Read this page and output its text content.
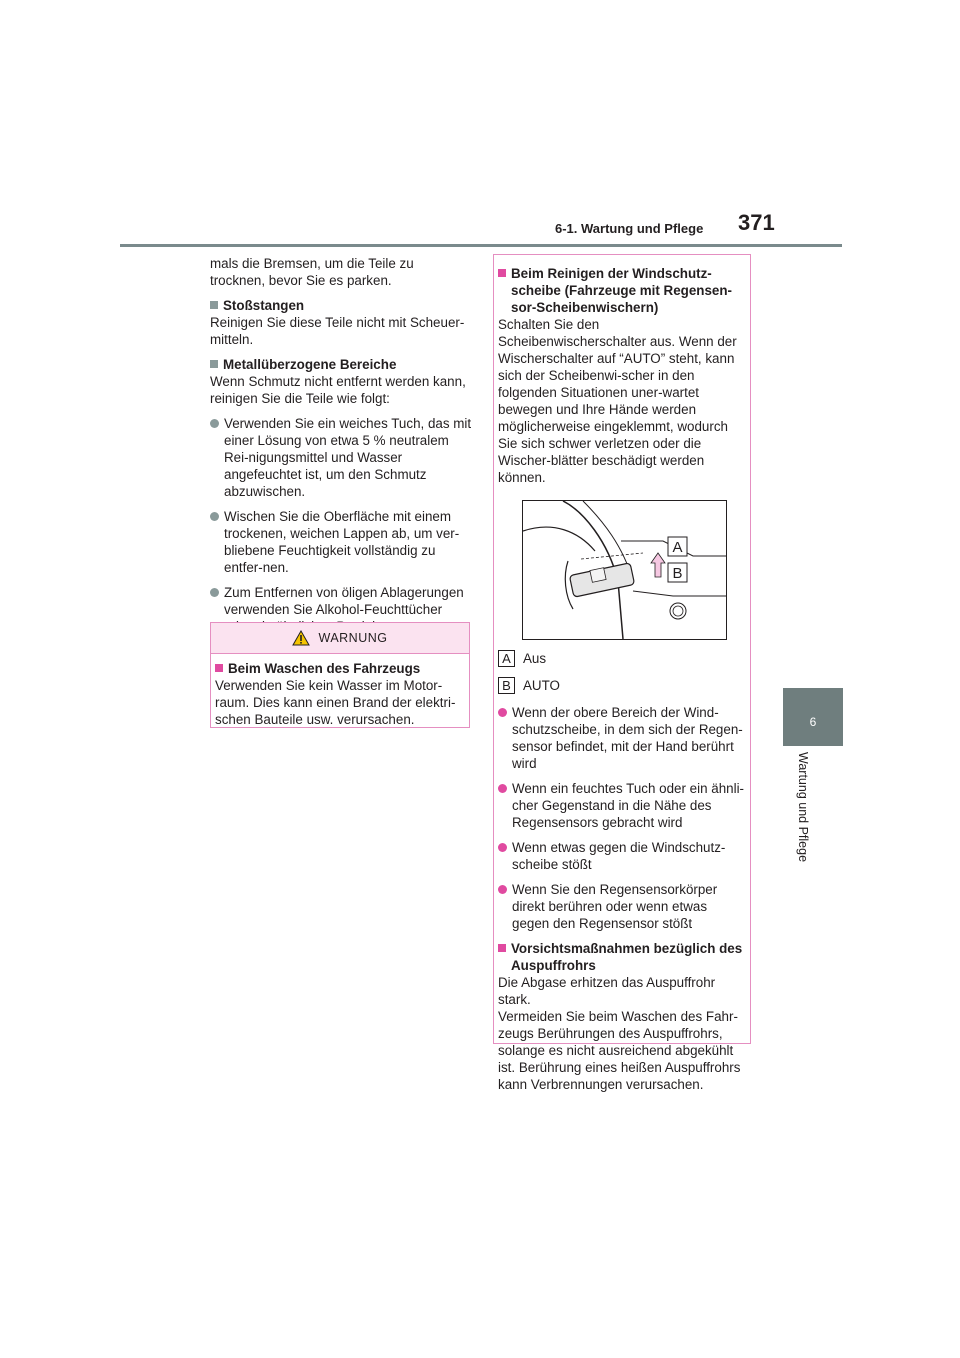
6-1. Wartung und Pflege 371
6
Wartung und Pflege

mals die Bremsen, um die Teile zu trocknen, bevor Sie es parken.

Stoßstangen

Reinigen Sie diese Teile nicht mit Scheuer-mitteln.

Metallüberzogene Bereiche

Wenn Schmutz nicht entfernt werden kann, reinigen Sie die Teile wie folgt:

Verwenden Sie ein weiches Tuch, das mit einer Lösung von etwa 5 % neutralem Rei-nigungsmittel und Wasser angefeuchtet ist, um den Schmutz abzuwischen.
Wischen Sie die Oberfläche mit einem trockenen, weichen Lappen ab, um ver-bliebene Feuchtigkeit vollständig zu entfer-nen.
Zum Entfernen von öligen Ablagerungen verwenden Sie Alkohol-Feuchttücher
WARNUNG
Beim Waschen des Fahrzeugs

Verwenden Sie kein Wasser im Motor-raum. Dies kann einen Brand der elektri-schen Bauteile usw. verursachen.

Beim Reinigen der Windschutz-scheibe (Fahrzeuge mit Regensen-sor-Scheibenwischern)

Schalten Sie den Scheibenwischerschalter aus. Wenn der Wischerschalter auf “AUTO” steht, kann sich der Scheibenwi-scher in den folgenden Situationen uner-wartet bewegen und Ihre Hände werden möglicherweise eingeklemmt, wodurch Sie sich schwer verletzen oder die Wischer-blätter beschädigt werden können.

A
B
A Aus
B AUTO
Wenn der obere Bereich der Wind-schutzscheibe, in dem sich der Regen-sensor befindet, mit der Hand berührt wird
Wenn ein feuchtes Tuch oder ein ähnli-cher Gegenstand in die Nähe des Regensensors gebracht wird
Wenn etwas gegen die Windschutz-scheibe stößt
Wenn Sie den Regensensorkörper direkt berühren oder wenn etwas gegen den Regensensor stößt
Vorsichtsmaßnahmen bezüglich des Auspuffrohrs
Die Abgase erhitzen das Auspuffrohr stark.
Vermeiden Sie beim Waschen des Fahr-zeugs Berührungen des Auspuffrohrs, solange es nicht ausreichend abgekühlt ist. Berührung eines heißen Auspuffrohrs kann Verbrennungen verursachen.
